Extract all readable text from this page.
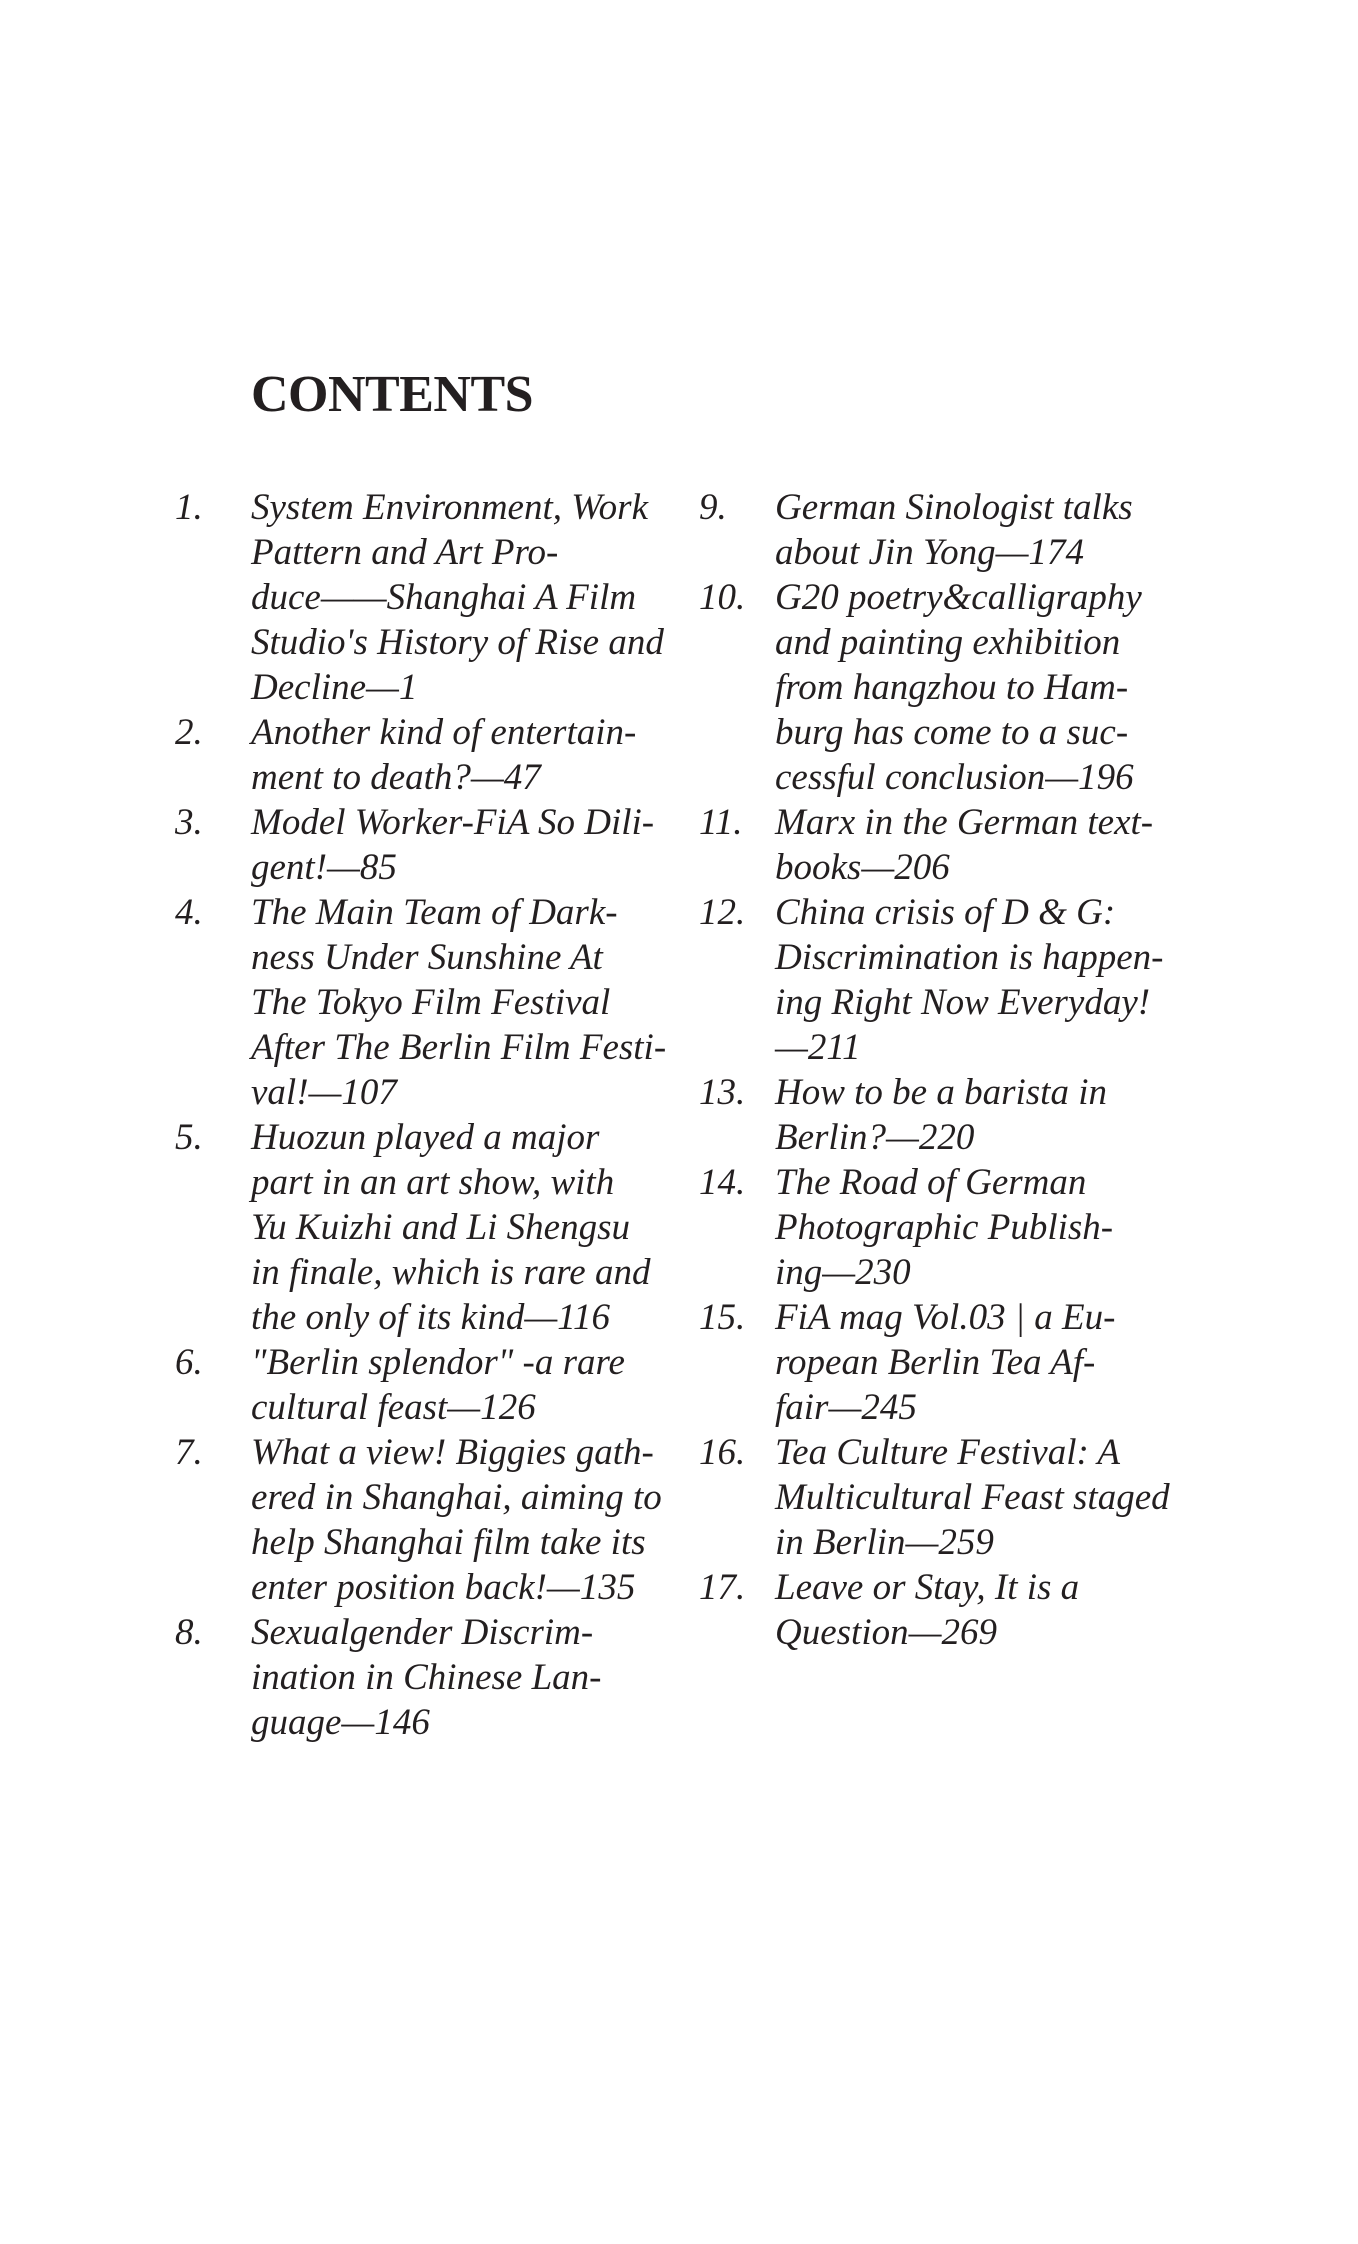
CONTENTS
1.	System Environment, Work
Pattern and Art Pro-
duce——Shanghai A Film
Studio's History of Rise and
Decline—1
2.	Another kind of entertain-
ment to death?—47
3.	Model Worker-FiA So Dili-
gent!—85
4.	The Main Team of Dark-
ness Under Sunshine At
The Tokyo Film Festival
After The Berlin Film Festi-
val!—107
5.	Huozun played a major
part in an art show, with
Yu Kuizhi and Li Shengsu
in finale, which is rare and
the only of its kind—116
6.	"Berlin splendor" -a rare
cultural feast—126
7.	What a view! Biggies gath-
ered in Shanghai, aiming to
help Shanghai film take its
enter position back!—135
8.	Sexualgender Discrim-
ination in Chinese Lan-
guage—146
9.	German Sinologist talks
about Jin Yong—174
10. G20 poetry&calligraphy
and painting exhibition
from hangzhou to Ham-
burg has come to a suc-
cessful conclusion—196
11. Marx in the German text-
books—206
12. China crisis of D & G:
Discrimination is happen-
ing Right Now Everyday!
—211
13. How to be a barista in
Berlin?—220
14. The Road of German
Photographic Publish-
ing—230
15. FiA mag Vol.03 | a Eu-
ropean Berlin Tea Af-
fair—245
16. Tea Culture Festival: A
Multicultural Feast staged
in Berlin—259
17. Leave or Stay, It is a
Question—269
